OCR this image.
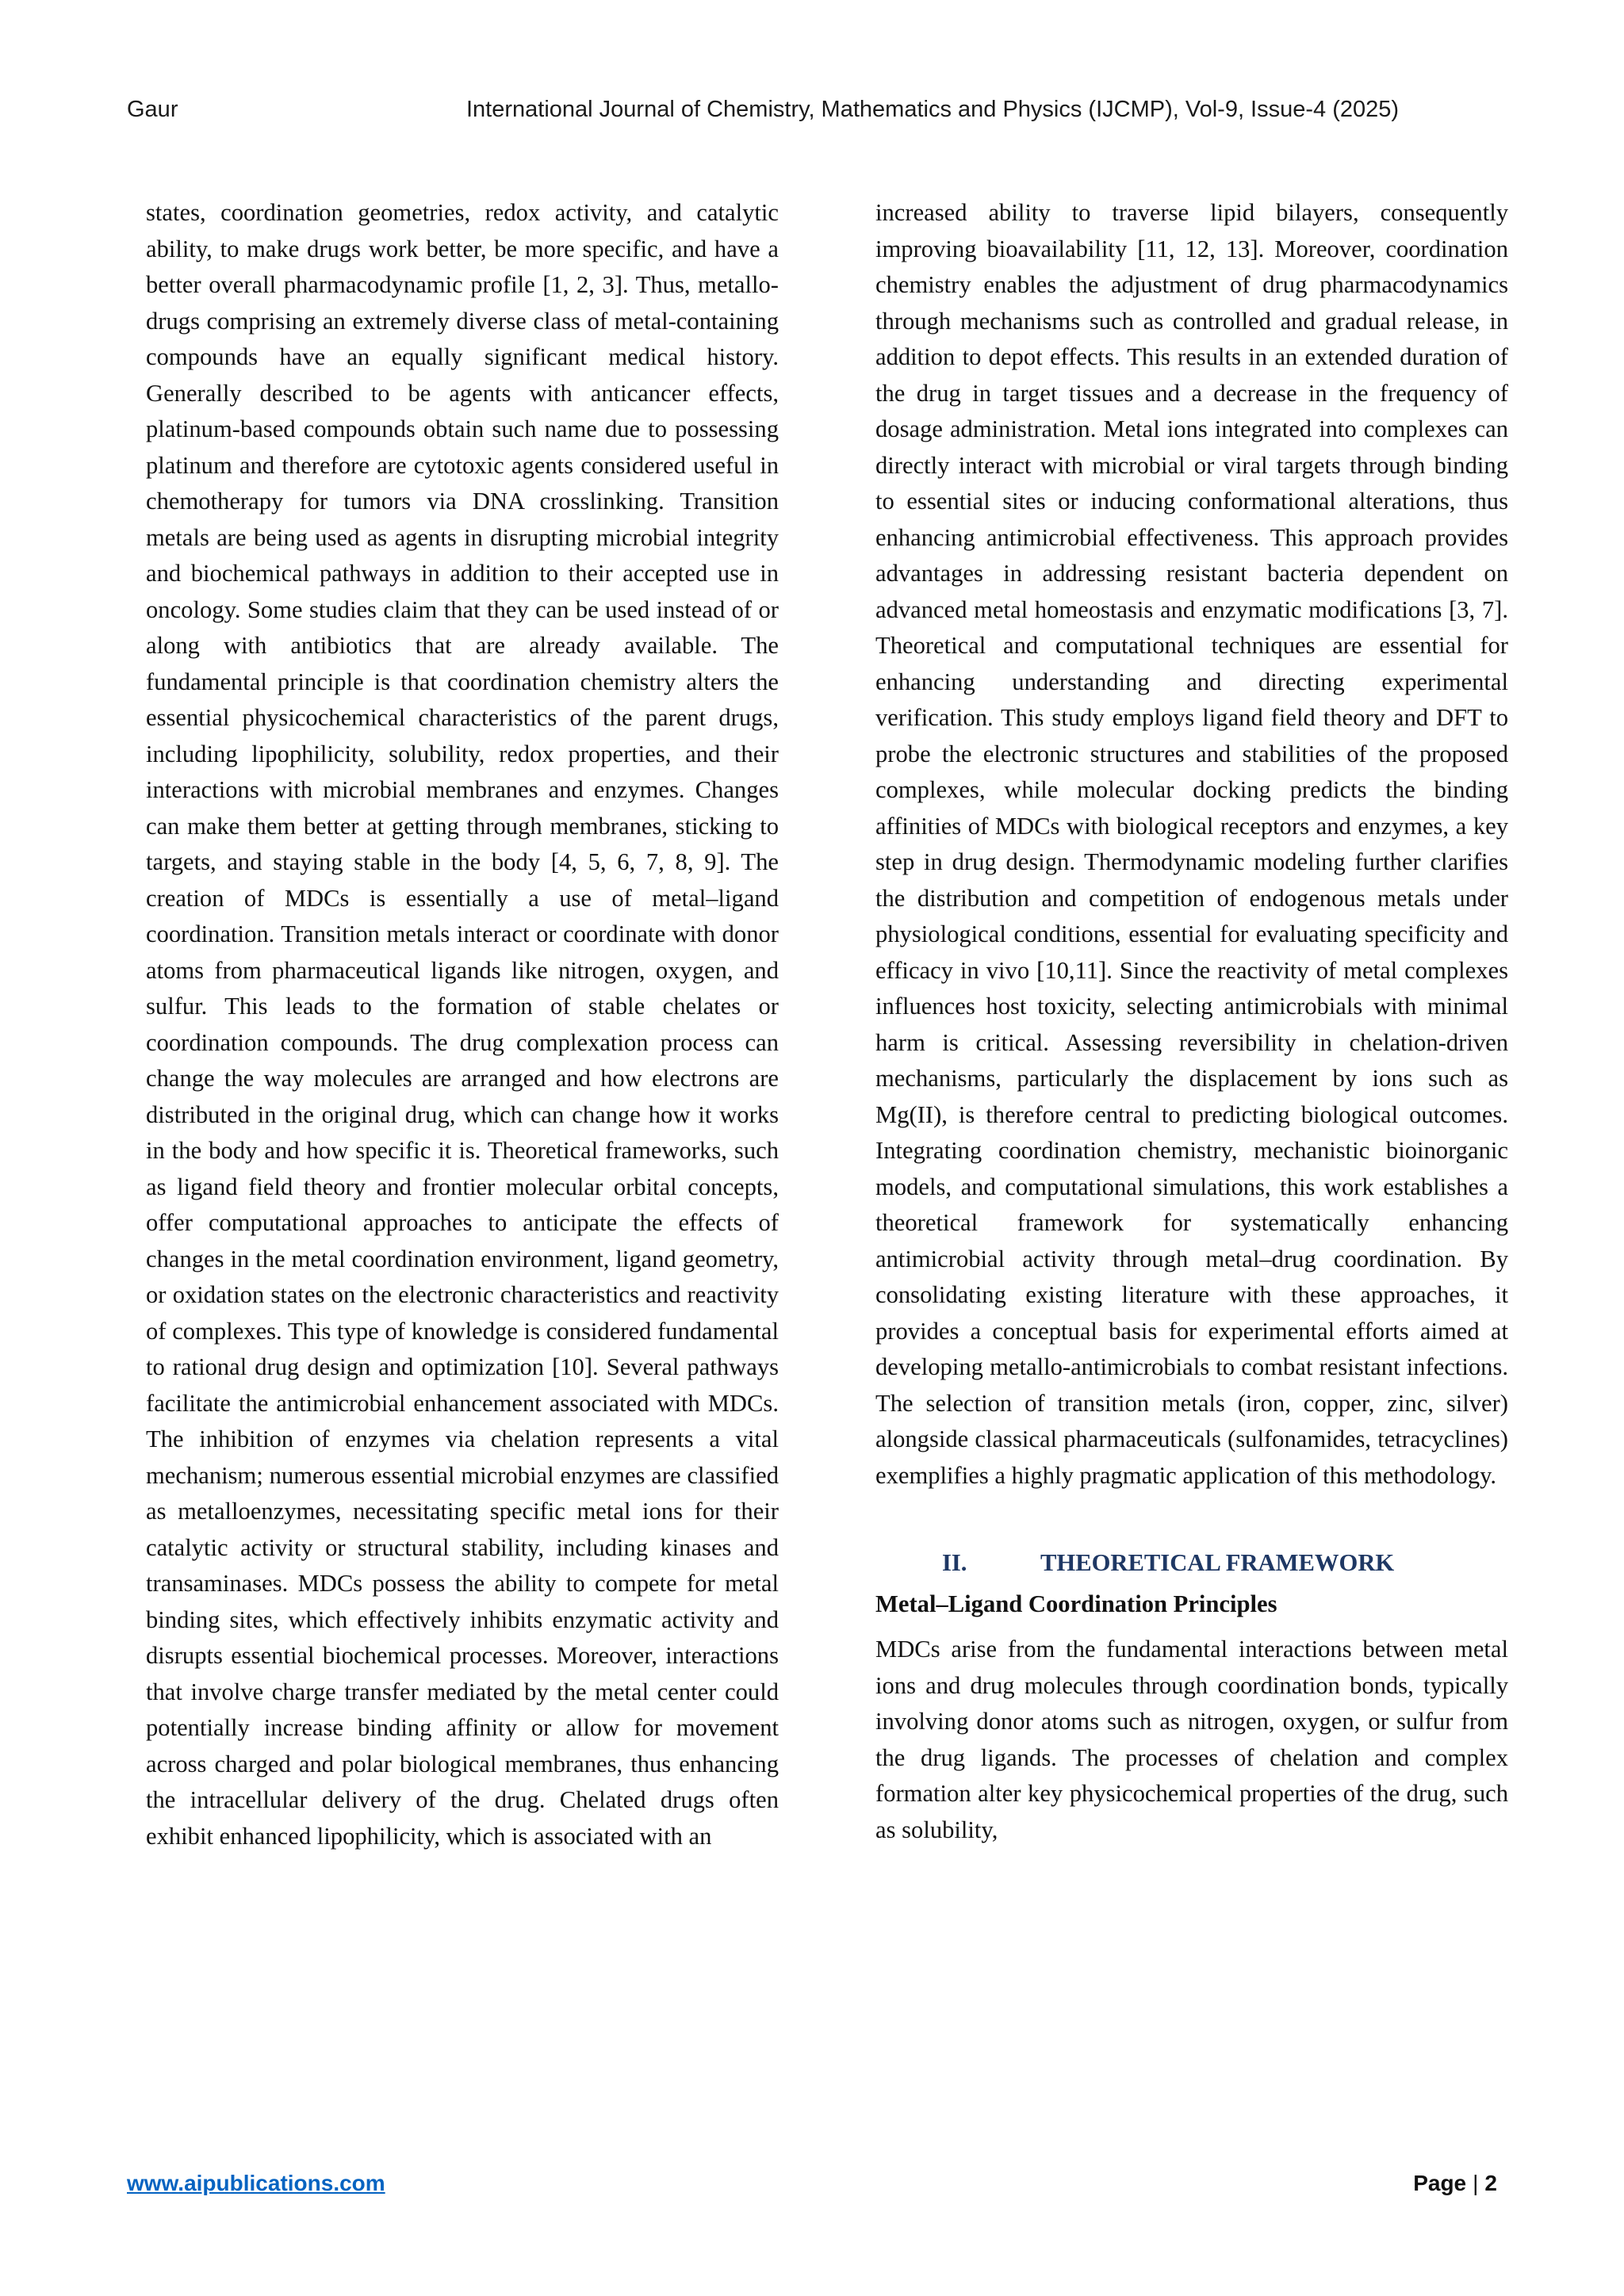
Gaur	International Journal of Chemistry, Mathematics and Physics (IJCMP), Vol-9, Issue-4 (2025)

states, coordination geometries, redox activity, and catalytic ability, to make drugs work better, be more specific, and have a better overall pharmacodynamic profile [1, 2, 3]. Thus, metallo-drugs comprising an extremely diverse class of metal-containing compounds have an equally significant medical history. Generally described to be agents with anticancer effects, platinum-based compounds obtain such name due to possessing platinum and therefore are cytotoxic agents considered useful in chemotherapy for tumors via DNA crosslinking. Transition metals are being used as agents in disrupting microbial integrity and biochemical pathways in addition to their accepted use in oncology. Some studies claim that they can be used instead of or along with antibiotics that are already available. The fundamental principle is that coordination chemistry alters the essential physicochemical characteristics of the parent drugs, including lipophilicity, solubility, redox properties, and their interactions with microbial membranes and enzymes. Changes can make them better at getting through membranes, sticking to targets, and staying stable in the body [4, 5, 6, 7, 8, 9]. The creation of MDCs is essentially a use of metal–ligand coordination. Transition metals interact or coordinate with donor atoms from pharmaceutical ligands like nitrogen, oxygen, and sulfur. This leads to the formation of stable chelates or coordination compounds. The drug complexation process can change the way molecules are arranged and how electrons are distributed in the original drug, which can change how it works in the body and how specific it is. Theoretical frameworks, such as ligand field theory and frontier molecular orbital concepts, offer computational approaches to anticipate the effects of changes in the metal coordination environment, ligand geometry, or oxidation states on the electronic characteristics and reactivity of complexes. This type of knowledge is considered fundamental to rational drug design and optimization [10]. Several pathways facilitate the antimicrobial enhancement associated with MDCs. The inhibition of enzymes via chelation represents a vital mechanism; numerous essential microbial enzymes are classified as metalloenzymes, necessitating specific metal ions for their catalytic activity or structural stability, including kinases and transaminases. MDCs possess the ability to compete for metal binding sites, which effectively inhibits enzymatic activity and disrupts essential biochemical processes. Moreover, interactions that involve charge transfer mediated by the metal center could potentially increase binding affinity or allow for movement across charged and polar biological membranes, thus enhancing the intracellular delivery of the drug. Chelated drugs often exhibit enhanced lipophilicity, which is associated with an

increased ability to traverse lipid bilayers, consequently improving bioavailability [11, 12, 13]. Moreover, coordination chemistry enables the adjustment of drug pharmacodynamics through mechanisms such as controlled and gradual release, in addition to depot effects. This results in an extended duration of the drug in target tissues and a decrease in the frequency of dosage administration. Metal ions integrated into complexes can directly interact with microbial or viral targets through binding to essential sites or inducing conformational alterations, thus enhancing antimicrobial effectiveness. This approach provides advantages in addressing resistant bacteria dependent on advanced metal homeostasis and enzymatic modifications [3, 7]. Theoretical and computational techniques are essential for enhancing understanding and directing experimental verification. This study employs ligand field theory and DFT to probe the electronic structures and stabilities of the proposed complexes, while molecular docking predicts the binding affinities of MDCs with biological receptors and enzymes, a key step in drug design. Thermodynamic modeling further clarifies the distribution and competition of endogenous metals under physiological conditions, essential for evaluating specificity and efficacy in vivo [10,11]. Since the reactivity of metal complexes influences host toxicity, selecting antimicrobials with minimal harm is critical. Assessing reversibility in chelation-driven mechanisms, particularly the displacement by ions such as Mg(II), is therefore central to predicting biological outcomes. Integrating coordination chemistry, mechanistic bioinorganic models, and computational simulations, this work establishes a theoretical framework for systematically enhancing antimicrobial activity through metal–drug coordination. By consolidating existing literature with these approaches, it provides a conceptual basis for experimental efforts aimed at developing metallo-antimicrobials to combat resistant infections. The selection of transition metals (iron, copper, zinc, silver) alongside classical pharmaceuticals (sulfonamides, tetracyclines) exemplifies a highly pragmatic application of this methodology.

II.	THEORETICAL FRAMEWORK
Metal–Ligand Coordination Principles

MDCs arise from the fundamental interactions between metal ions and drug molecules through coordination bonds, typically involving donor atoms such as nitrogen, oxygen, or sulfur from the drug ligands. The processes of chelation and complex formation alter key physicochemical properties of the drug, such as solubility,

www.aipublications.com	Page | 2
